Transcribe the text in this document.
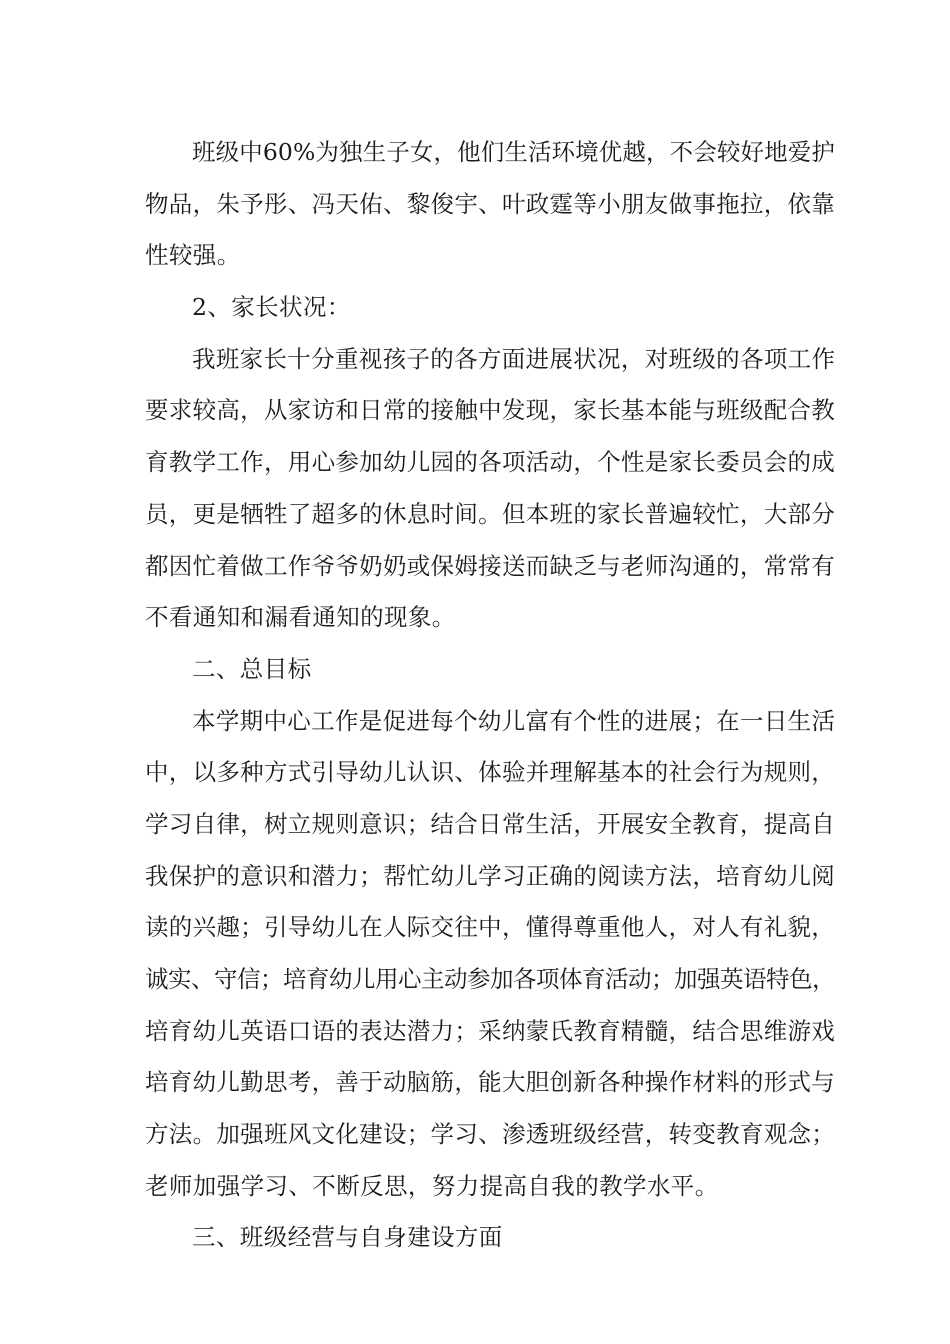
班级中60%为独生子女，他们生活环境优越，不会较好地爱护
物品，朱予彤、冯天佑、黎俊宇、叶政霆等小朋友做事拖拉，依靠
性较强。
2、家长状况：
我班家长十分重视孩子的各方面进展状况，对班级的各项工作
要求较高，从家访和日常的接触中发现，家长基本能与班级配合教
育教学工作，用心参加幼儿园的各项活动，个性是家长委员会的成
员，更是牺牲了超多的休息时间。但本班的家长普遍较忙，大部分
都因忙着做工作爷爷奶奶或保姆接送而缺乏与老师沟通的，常常有
不看通知和漏看通知的现象。
二、总目标
本学期中心工作是促进每个幼儿富有个性的进展；在一日生活
中，以多种方式引导幼儿认识、体验并理解基本的社会行为规则，
学习自律，树立规则意识；结合日常生活，开展安全教育，提高自
我保护的意识和潜力；帮忙幼儿学习正确的阅读方法，培育幼儿阅
读的兴趣；引导幼儿在人际交往中，懂得尊重他人，对人有礼貌，
诚实、守信；培育幼儿用心主动参加各项体育活动；加强英语特色，
培育幼儿英语口语的表达潜力；采纳蒙氏教育精髓，结合思维游戏
培育幼儿勤思考，善于动脑筋，能大胆创新各种操作材料的形式与
方法。加强班风文化建设；学习、渗透班级经营，转变教育观念；
老师加强学习、不断反思，努力提高自我的教学水平。
三、班级经营与自身建设方面
